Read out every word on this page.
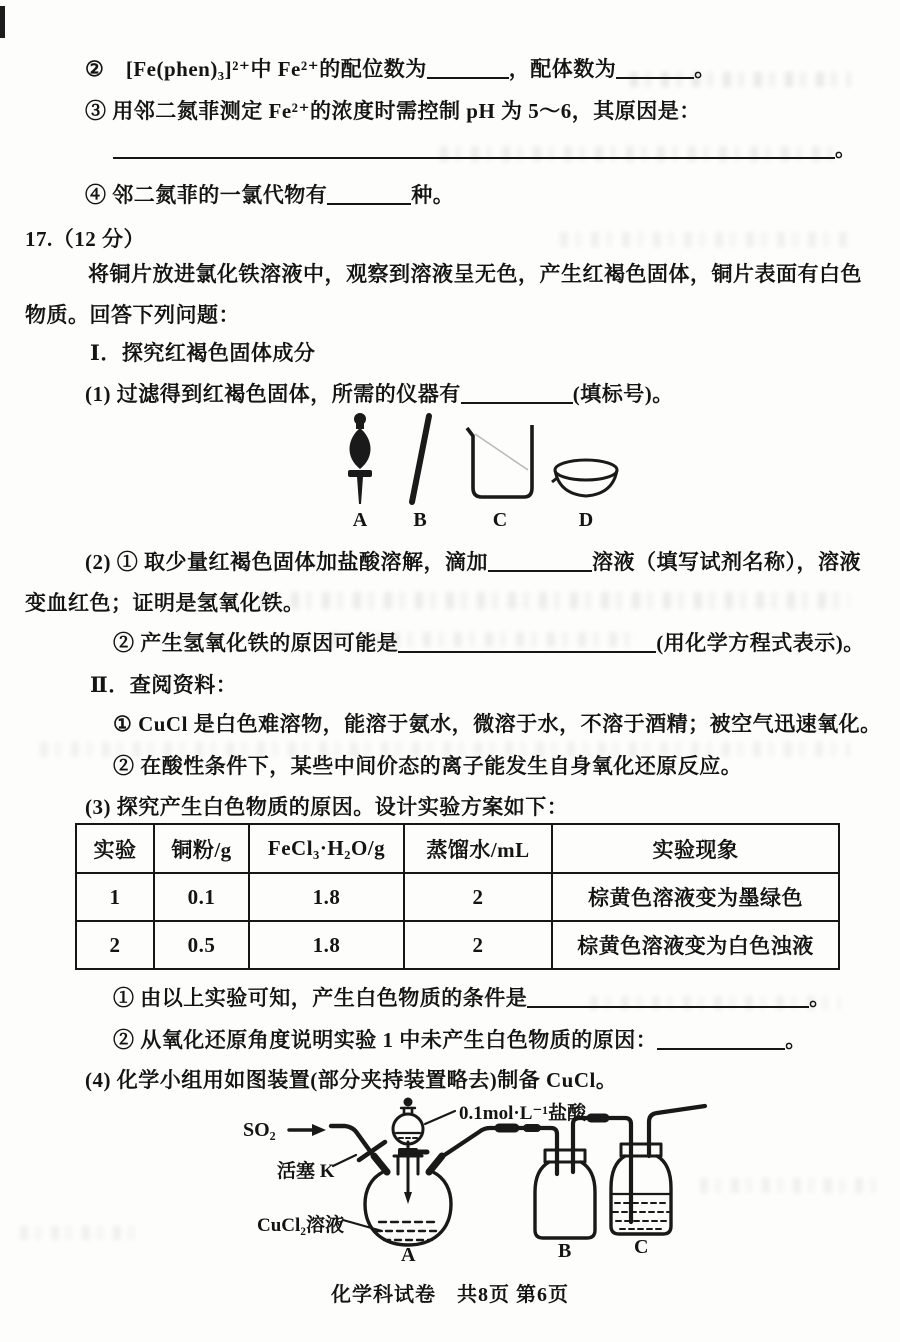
②　[Fe(phen)₃]²⁺中 Fe²⁺的配位数为	，配体数为	。
③ 用邻二氮菲测定 Fe²⁺的浓度时需控制 pH 为 5～6，其原因是：
。
④ 邻二氮菲的一氯代物有	种。
17.（12 分）
将铜片放进氯化铁溶液中，观察到溶液呈无色，产生红褐色固体，铜片表面有白色
物质。回答下列问题：
Ⅰ．探究红褐色固体成分
(1) 过滤得到红褐色固体，所需的仪器有	(填标号)。
A B	C	D
(2) ① 取少量红褐色固体加盐酸溶解，滴加	溶液（填写试剂名称），溶液
变血红色；证明是氢氧化铁。
② 产生氢氧化铁的原因可能是	(用化学方程式表示)。
Ⅱ．查阅资料：
① CuCl 是白色难溶物，能溶于氨水，微溶于水，不溶于酒精；被空气迅速氧化。
② 在酸性条件下，某些中间价态的离子能发生自身氧化还原反应。
(3) 探究产生白色物质的原因。设计实验方案如下：
实验	铜粉/g	FeCl₃·H₂O/g	蒸馏水/mL	实验现象
1	0.1	1.8	2	棕黄色溶液变为墨绿色
2	0.5	1.8	2	棕黄色溶液变为白色浊液
① 由以上实验可知，产生白色物质的条件是	。
② 从氧化还原角度说明实验 1 中未产生白色物质的原因：	。
(4) 化学小组用如图装置(部分夹持装置略去)制备 CuCl。
SO₂
活塞 K
0.1mol·L⁻¹盐酸
CuCl₂溶液
A	B	C
化学科试卷　共8页 第6页
